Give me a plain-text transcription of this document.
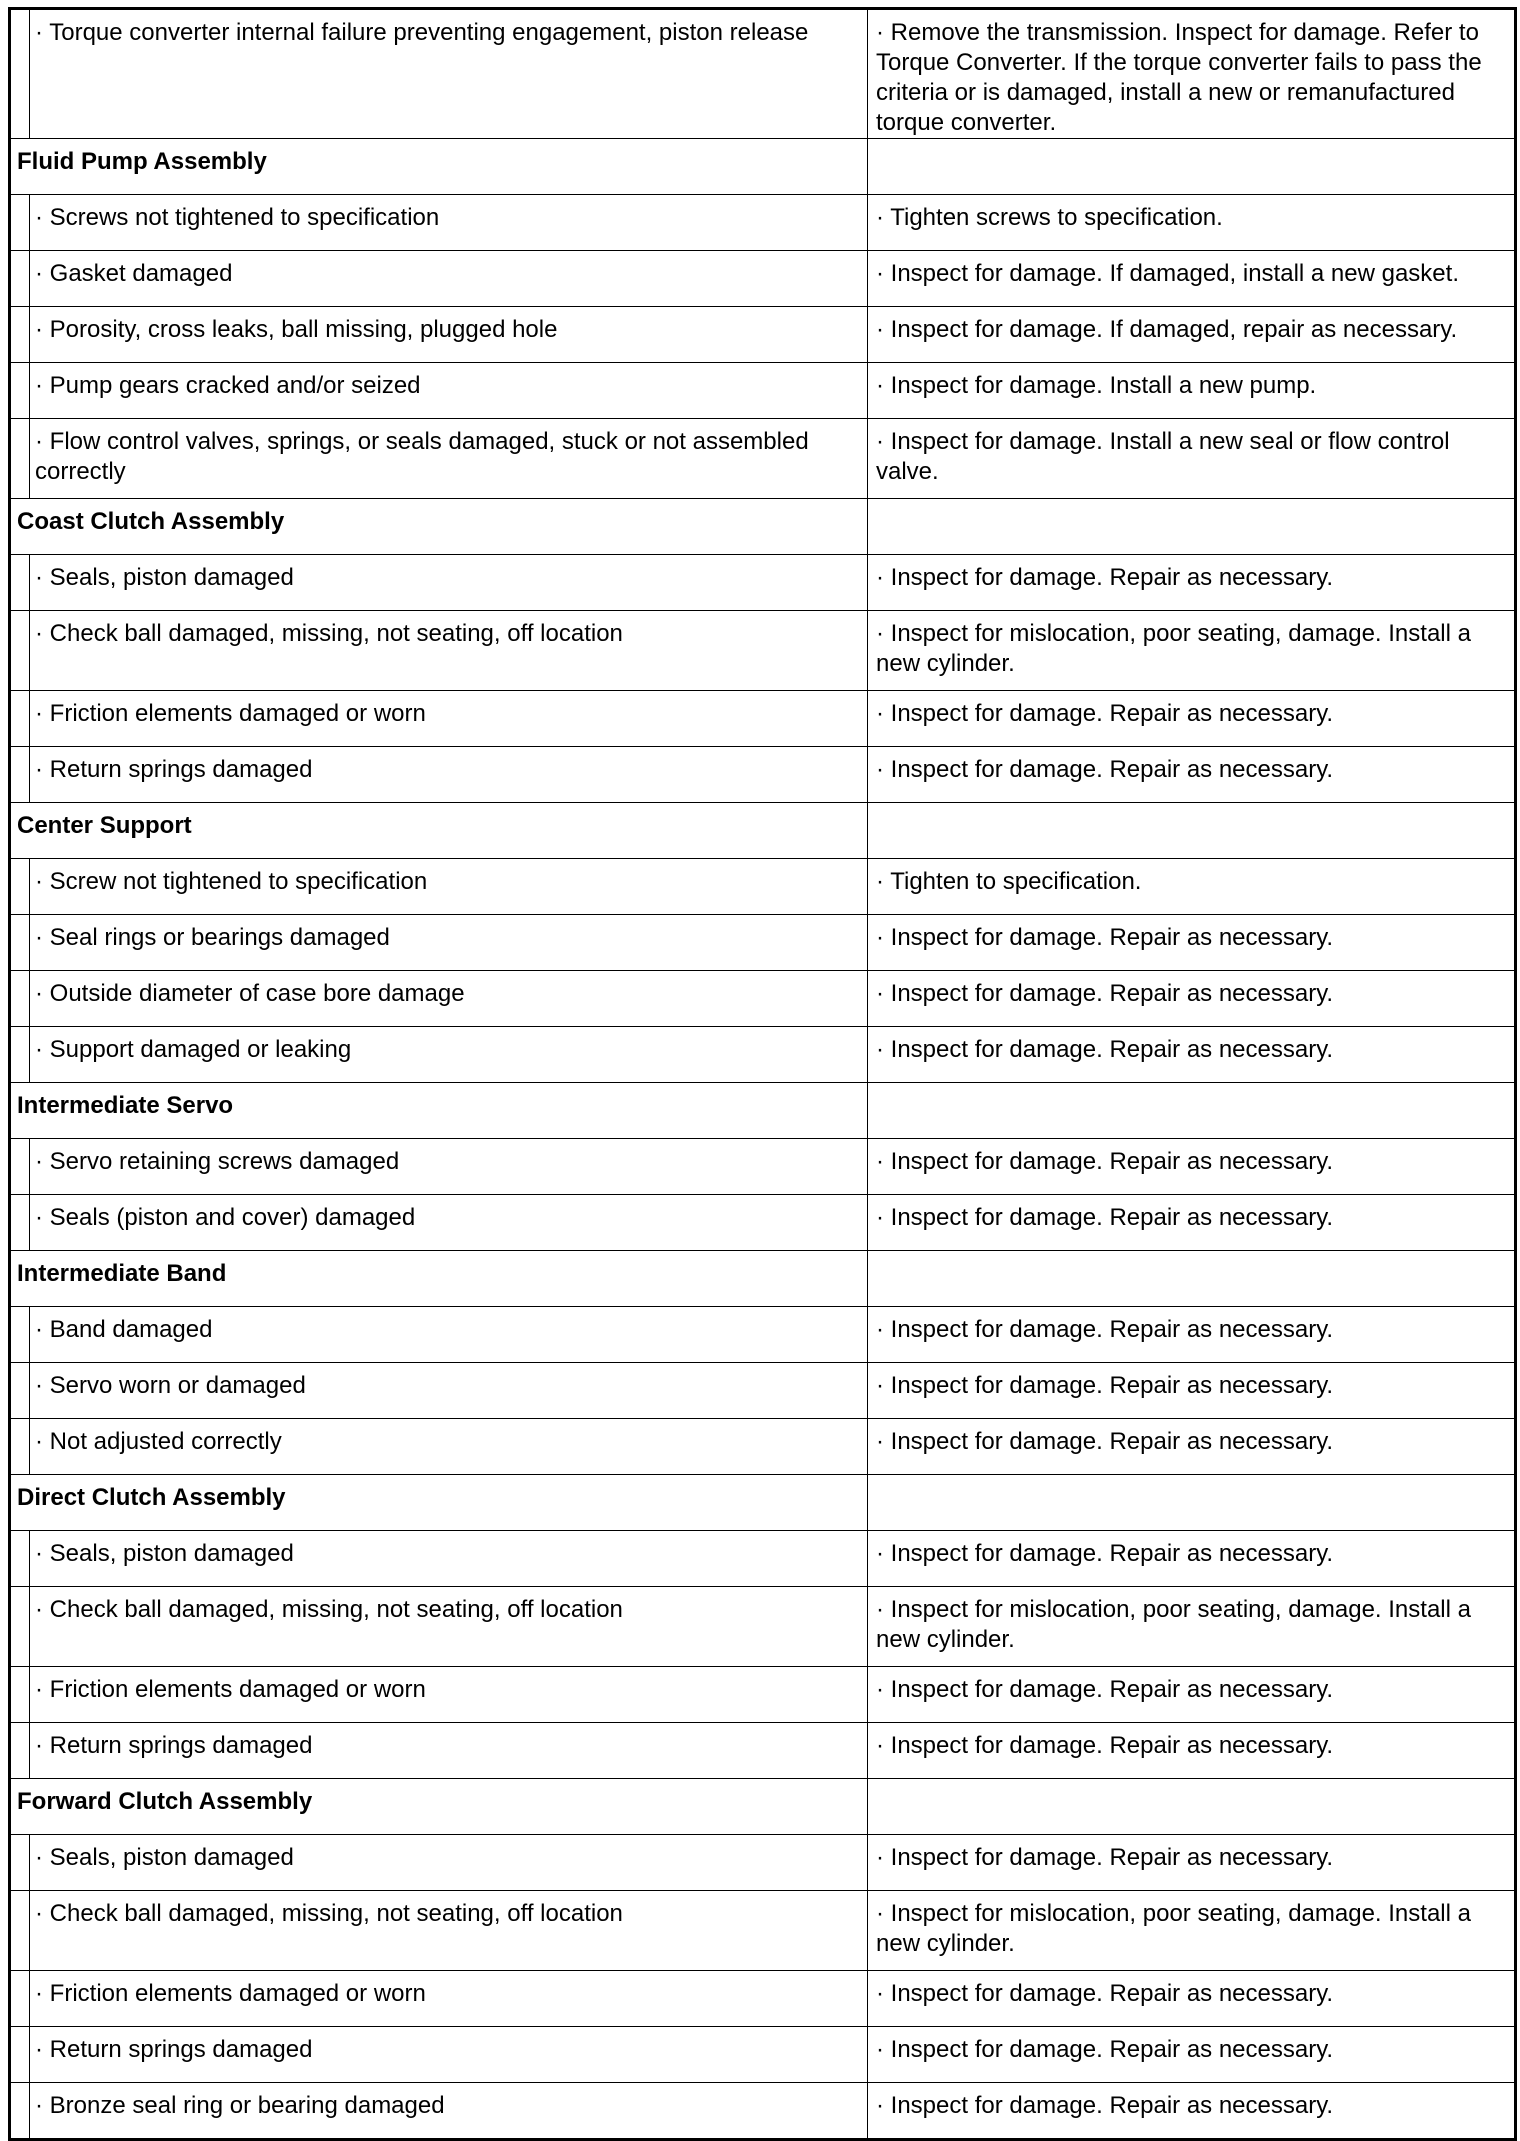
	· Torque converter internal failure preventing engagement, piston release	· Remove the transmission. Inspect for damage. Refer to Torque Converter. If the torque converter fails to pass the criteria or is damaged, install a new or remanufactured torque converter.
Fluid Pump Assembly		
	· Screws not tightened to specification	· Tighten screws to specification.
	· Gasket damaged	· Inspect for damage. If damaged, install a new gasket.
	· Porosity, cross leaks, ball missing, plugged hole	· Inspect for damage. If damaged, repair as necessary.
	· Pump gears cracked and/or seized	· Inspect for damage. Install a new pump.
	· Flow control valves, springs, or seals damaged, stuck or not assembled correctly	· Inspect for damage. Install a new seal or flow control valve.
Coast Clutch Assembly		
	· Seals, piston damaged	· Inspect for damage. Repair as necessary.
	· Check ball damaged, missing, not seating, off location	· Inspect for mislocation, poor seating, damage. Install a new cylinder.
	· Friction elements damaged or worn	· Inspect for damage. Repair as necessary.
	· Return springs damaged	· Inspect for damage. Repair as necessary.
Center Support		
	· Screw not tightened to specification	· Tighten to specification.
	· Seal rings or bearings damaged	· Inspect for damage. Repair as necessary.
	· Outside diameter of case bore damage	· Inspect for damage. Repair as necessary.
	· Support damaged or leaking	· Inspect for damage. Repair as necessary.
Intermediate Servo		
	· Servo retaining screws damaged	· Inspect for damage. Repair as necessary.
	· Seals (piston and cover) damaged	· Inspect for damage. Repair as necessary.
Intermediate Band		
	· Band damaged	· Inspect for damage. Repair as necessary.
	· Servo worn or damaged	· Inspect for damage. Repair as necessary.
	· Not adjusted correctly	· Inspect for damage. Repair as necessary.
Direct Clutch Assembly		
	· Seals, piston damaged	· Inspect for damage. Repair as necessary.
	· Check ball damaged, missing, not seating, off location	· Inspect for mislocation, poor seating, damage. Install a new cylinder.
	· Friction elements damaged or worn	· Inspect for damage. Repair as necessary.
	· Return springs damaged	· Inspect for damage. Repair as necessary.
Forward Clutch Assembly		
	· Seals, piston damaged	· Inspect for damage. Repair as necessary.
	· Check ball damaged, missing, not seating, off location	· Inspect for mislocation, poor seating, damage. Install a new cylinder.
	· Friction elements damaged or worn	· Inspect for damage. Repair as necessary.
	· Return springs damaged	· Inspect for damage. Repair as necessary.
	· Bronze seal ring or bearing damaged	· Inspect for damage. Repair as necessary.
